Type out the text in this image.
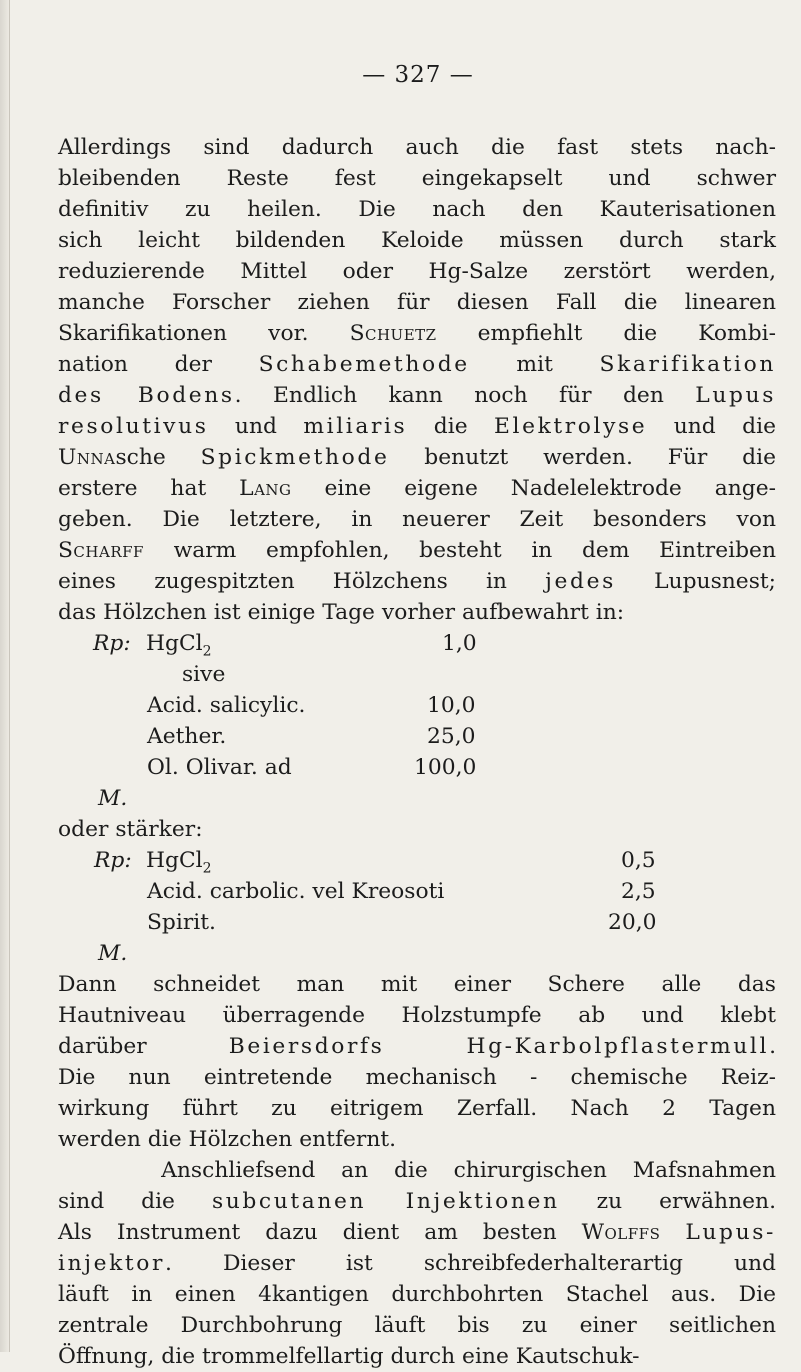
— 327 —
Allerdings sind dadurch auch die fast stets nach-
bleibenden Reste fest eingekapselt und schwer
definitiv zu heilen. Die nach den Kauterisationen
sich leicht bildenden Keloide müssen durch stark
reduzierende Mittel oder Hg-Salze zerstört werden,
manche Forscher ziehen für diesen Fall die linearen
Skarifikationen vor. Schuetz empfiehlt die Kombi-
nation der Schabemethode mit Skarifikation
des Bodens. Endlich kann noch für den Lupus
resolutivus und miliaris die Elektrolyse und die
Unnasche Spickmethode benutzt werden. Für die
erstere hat Lang eine eigene Nadelelektrode ange-
geben. Die letztere, in neuerer Zeit besonders von
Scharff warm empfohlen, besteht in dem Eintreiben
eines zugespitzten Hölzchens in jedes Lupusnest;
das Hölzchen ist einige Tage vorher aufbewahrt in:
Rp: HgCl$_2$	1,0
sive
Acid. salicylic.	10,0
Aether.	25,0
Ol. Olivar. ad	100,0
M.
oder stärker:
Rp: HgCl$_2$	0,5
Acid. carbolic. vel Kreosoti	2,5
Spirit.	20,0
M.
Dann schneidet man mit einer Schere alle das
Hautniveau überragende Holzstumpfe ab und klebt
darüber Beiersdorfs	Hg-Karbolpflastermull.
Die nun eintretende mechanisch - chemische Reiz-
wirkung führt zu eitrigem Zerfall. Nach 2 Tagen
werden die Hölzchen entfernt.
Anschliefsend an die chirurgischen Mafsnahmen
sind die subcutanen Injektionen zu erwähnen.
Als Instrument dazu dient am besten Wolffs Lupus-
injektor. Dieser ist schreibfederhalterartig und
läuft in einen 4kantigen durchbohrten Stachel aus. Die
zentrale Durchbohrung läuft bis zu einer seitlichen
Öffnung, die trommelfellartig durch eine Kautschuk-
